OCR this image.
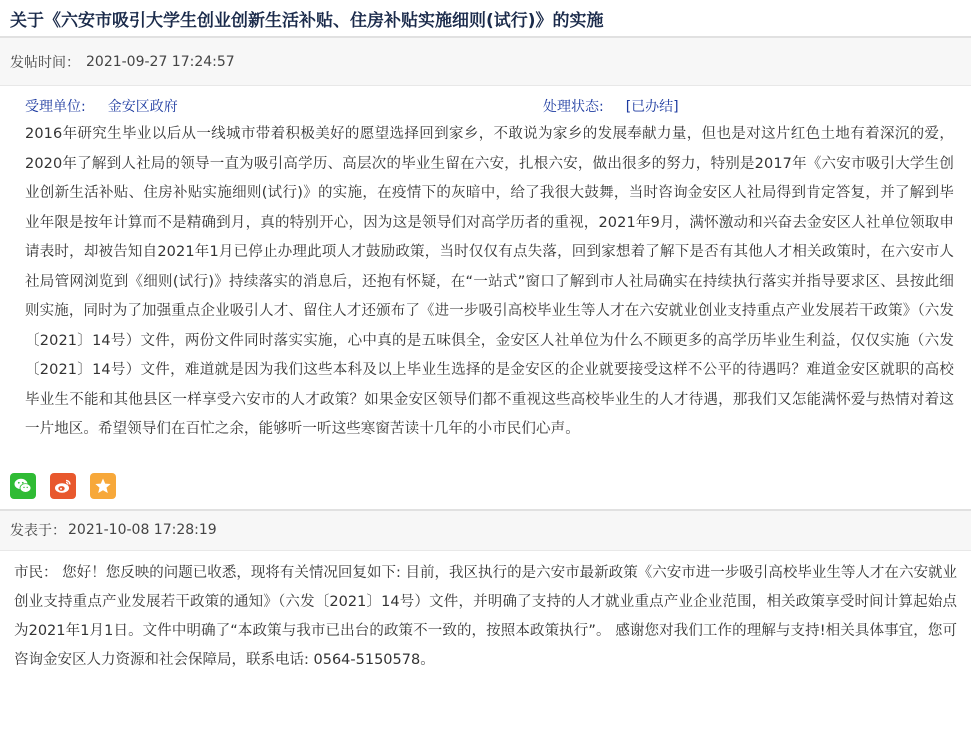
关于《六安市吸引大学生创业创新生活补贴、住房补贴实施细则(试行)》的实施
发帖时间： 2021-09-27 17:24:57
受理单位: 金安区政府	处理状态: [已办结]

2016年研究生毕业以后从一线城市带着积极美好的愿望选择回到家乡，不敢说为家乡的发展奉献力量，但也是对这片红色土地有着深沉的爱，2020年了解到人社局的领导一直为吸引高学历、高层次的毕业生留在六安，扎根六安，做出很多的努力，特别是2017年《六安市吸引大学生创业创新生活补贴、住房补贴实施细则(试行)》的实施，在疫情下的灰暗中，给了我很大鼓舞，当时咨询金安区人社局得到肯定答复，并了解到毕业年限是按年计算而不是精确到月，真的特别开心，因为这是领导们对高学历者的重视，2021年9月，满怀激动和兴奋去金安区人社单位领取申请表时，却被告知自2021年1月已停止办理此项人才鼓励政策，当时仅仅有点失落，回到家想着了解下是否有其他人才相关政策时，在六安市人社局管网浏览到《细则(试行)》持续落实的消息后，还抱有怀疑，在“一站式”窗口了解到市人社局确实在持续执行落实并指导要求区、县按此细则实施，同时为了加强重点企业吸引人才、留住人才还颁布了《进一步吸引高校毕业生等人才在六安就业创业支持重点产业发展若干政策》（六发〔2021〕14号）文件，两份文件同时落实实施，心中真的是五味俱全，金安区人社单位为什么不顾更多的高学历毕业生利益，仅仅实施（六发〔2021〕14号）文件，难道就是因为我们这些本科及以上毕业生选择的是金安区的企业就要接受这样不公平的待遇吗？难道金安区就职的高校毕业生不能和其他县区一样享受六安市的人才政策？如果金安区领导们都不重视这些高校毕业生的人才待遇，那我们又怎能满怀爱与热情对着这一片地区。希望领导们在百忙之余，能够听一听这些寒窗苦读十几年的小市民们心声。

发表于： 2021-10-08 17:28:19
市民： 您好！您反映的问题已收悉，现将有关情况回复如下: 目前，我区执行的是六安市最新政策《六安市进一步吸引高校毕业生等人才在六安就业创业支持重点产业发展若干政策的通知》（六发〔2021〕14号）文件，并明确了支持的人才就业重点产业企业范围，相关政策享受时间计算起始点为2021年1月1日。文件中明确了“本政策与我市已出台的政策不一致的，按照本政策执行”。 感谢您对我们工作的理解与支持!相关具体事宜，您可咨询金安区人力资源和社会保障局，联系电话: 0564-5150578。
